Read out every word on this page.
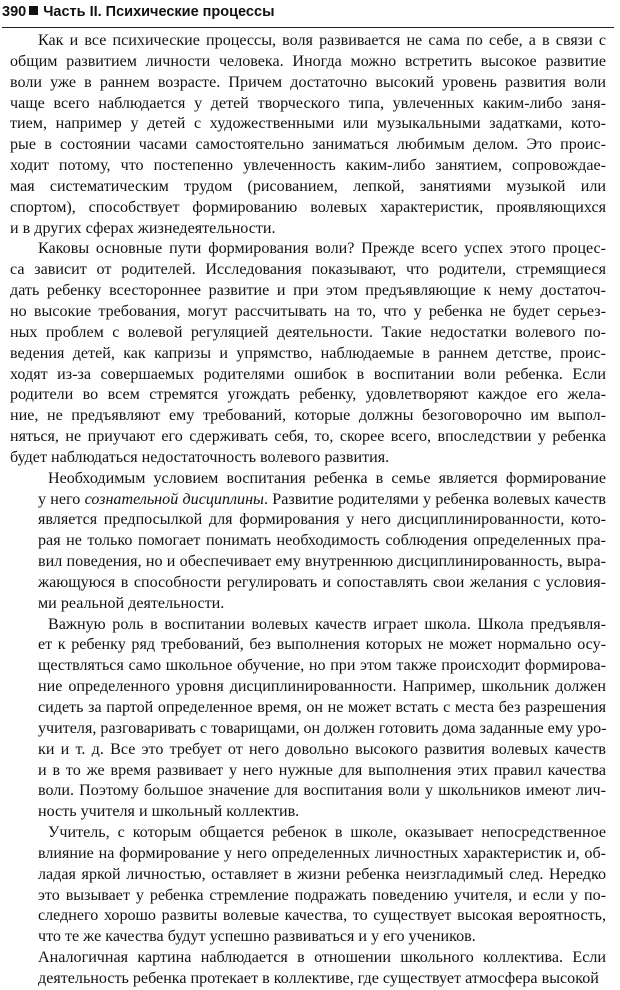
390 Часть II. Психические процессы
Как и все психические процессы, воля развивается не сама по себе, а в связи с
общим развитием личности человека. Иногда можно встретить высокое развитие
воли уже в раннем возрасте. Причем достаточно высокий уровень развития воли
чаще всего наблюдается у детей творческого типа, увлеченных каким-либо заня-
тием, например у детей с художественными или музыкальными задатками, кото-
рые в состоянии часами самостоятельно заниматься любимым делом. Это проис-
ходит потому, что постепенно увлеченность каким-либо занятием, сопровождае-
мая систематическим трудом (рисованием, лепкой, занятиями музыкой или
спортом), способствует формированию волевых характеристик, проявляющихся
и в других сферах жизнедеятельности.
Каковы основные пути формирования воли? Прежде всего успех этого процес-
са зависит от родителей. Исследования показывают, что родители, стремящиеся
дать ребенку всестороннее развитие и при этом предъявляющие к нему достаточ-
но высокие требования, могут рассчитывать на то, что у ребенка не будет серьез-
ных проблем с волевой регуляцией деятельности. Такие недостатки волевого по-
ведения детей, как капризы и упрямство, наблюдаемые в раннем детстве, проис-
ходят из-за совершаемых родителями ошибок в воспитании воли ребенка. Если
родители во всем стремятся угождать ребенку, удовлетворяют каждое его жела-
ние, не предъявляют ему требований, которые должны безоговорочно им выпол-
няться, не приучают его сдерживать себя, то, скорее всего, впоследствии у ребенка
будет наблюдаться недостаточность волевого развития.
Необходимым условием воспитания ребенка в семье является формирование
у него сознательной дисциплины. Развитие родителями у ребенка волевых качеств
является предпосылкой для формирования у него дисциплинированности, кото-
рая не только помогает понимать необходимость соблюдения определенных пра-
вил поведения, но и обеспечивает ему внутреннюю дисциплинированность, выра-
жающуюся в способности регулировать и сопоставлять свои желания с условия-
ми реальной деятельности.
Важную роль в воспитании волевых качеств играет школа. Школа предъявля-
ет к ребенку ряд требований, без выполнения которых не может нормально осу-
ществляться само школьное обучение, но при этом также происходит формирова-
ние определенного уровня дисциплинированности. Например, школьник должен
сидеть за партой определенное время, он не может встать с места без разрешения
учителя, разговаривать с товарищами, он должен готовить дома заданные ему уро-
ки и т. д. Все это требует от него довольно высокого развития волевых качеств
и в то же время развивает у него нужные для выполнения этих правил качества
воли. Поэтому большое значение для воспитания воли у школьников имеют лич-
ность учителя и школьный коллектив.
Учитель, с которым общается ребенок в школе, оказывает непосредственное
влияние на формирование у него определенных личностных характеристик и, об-
ладая яркой личностью, оставляет в жизни ребенка неизгладимый след. Нередко
это вызывает у ребенка стремление подражать поведению учителя, и если у по-
следнего хорошо развиты волевые качества, то существует высокая вероятность,
что те же качества будут успешно развиваться и у его учеников.
Аналогичная картина наблюдается в отношении школьного коллектива. Если
деятельность ребенка протекает в коллективе, где существует атмосфера высокой
